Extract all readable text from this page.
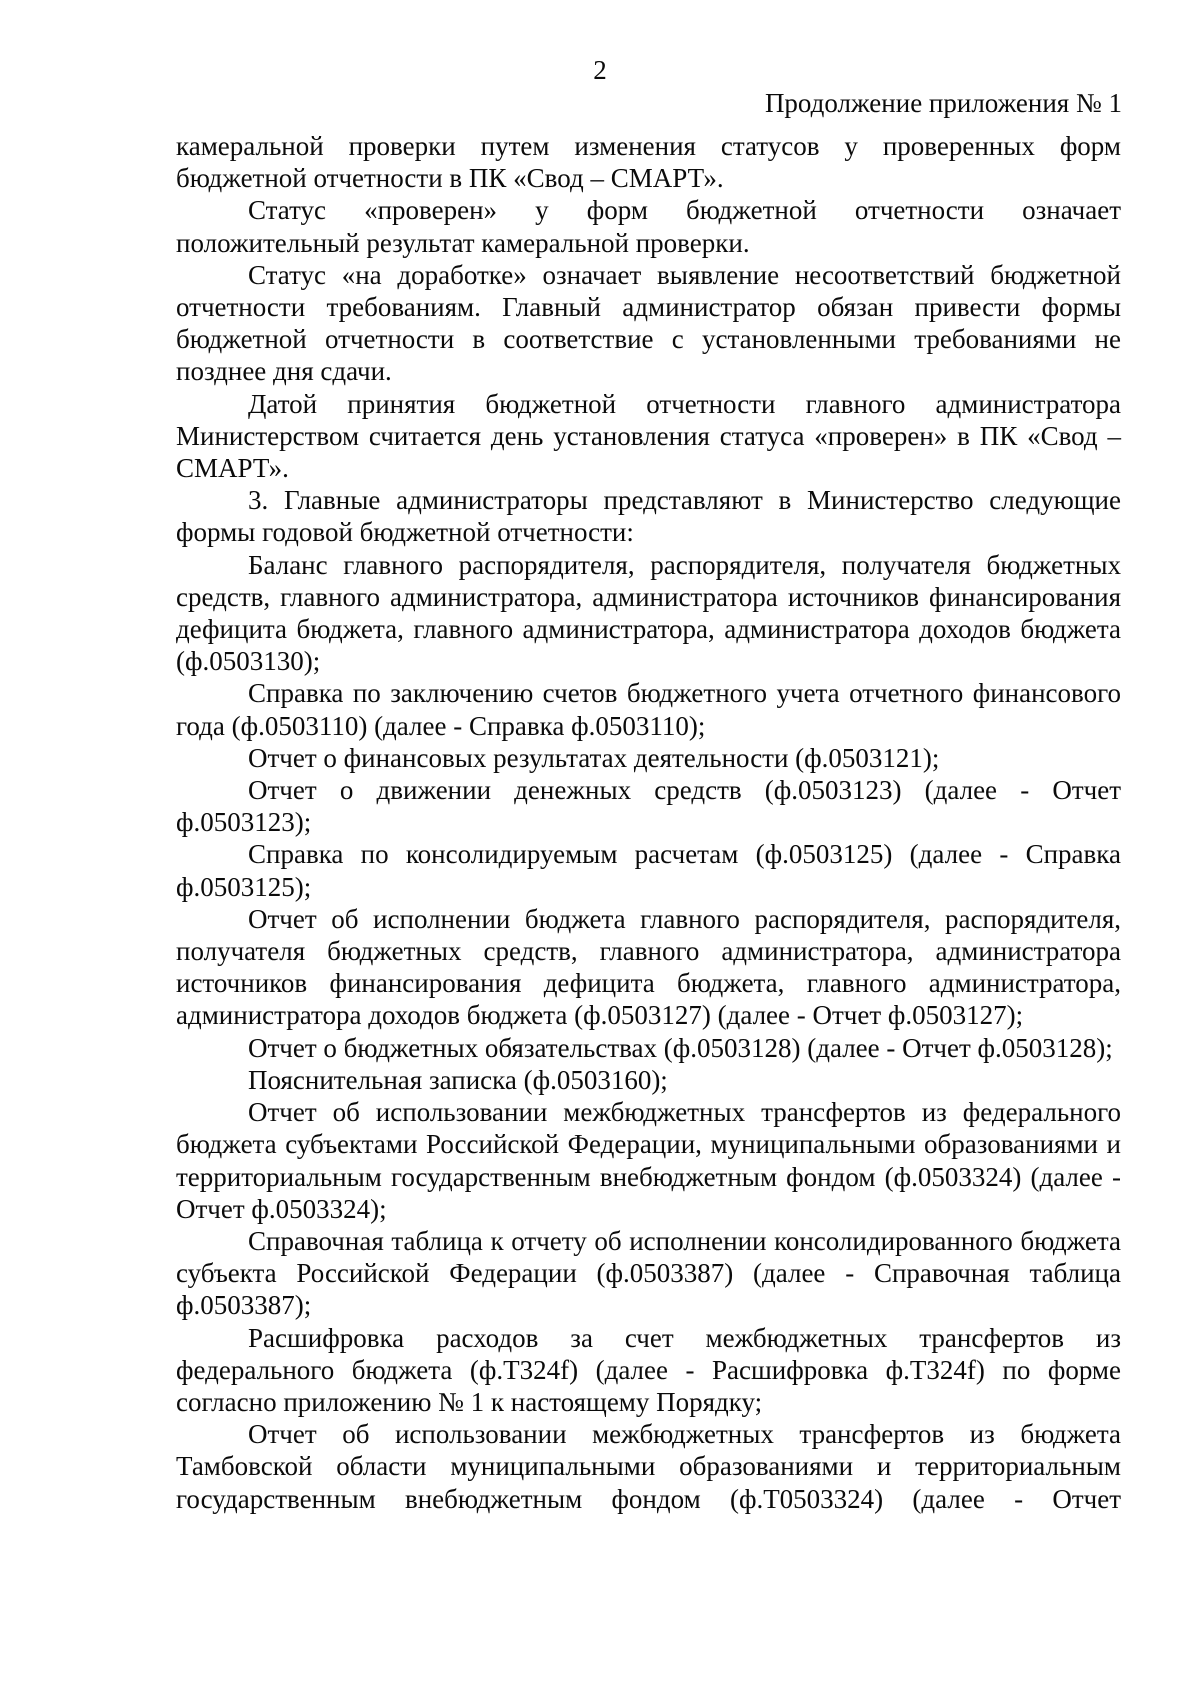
2
Продолжение приложения № 1

камеральной проверки путем изменения статусов у проверенных форм бюджетной отчетности в ПК «Свод – СМАРТ».

Статус «проверен» у форм бюджетной отчетности означает положительный результат камеральной проверки.

Статус «на доработке» означает выявление несоответствий бюджетной отчетности требованиям. Главный администратор обязан привести формы бюджетной отчетности в соответствие с установленными требованиями не позднее дня сдачи.

Датой принятия бюджетной отчетности главного администратора Министерством считается день установления статуса «проверен» в ПК «Свод – СМАРТ».

3. Главные администраторы представляют в Министерство следующие формы годовой бюджетной отчетности:

Баланс главного распорядителя, распорядителя, получателя бюджетных средств, главного администратора, администратора источников финансирования дефицита бюджета, главного администратора, администратора доходов бюджета (ф.0503130);

Справка по заключению счетов бюджетного учета отчетного финансового года (ф.0503110) (далее - Справка ф.0503110);

Отчет о финансовых результатах деятельности (ф.0503121);

Отчет о движении денежных средств (ф.0503123) (далее - Отчет ф.0503123);

Справка по консолидируемым расчетам (ф.0503125) (далее - Справка ф.0503125);

Отчет об исполнении бюджета главного распорядителя, распорядителя, получателя бюджетных средств, главного администратора, администратора источников финансирования дефицита бюджета, главного администратора, администратора доходов бюджета (ф.0503127) (далее - Отчет ф.0503127);

Отчет о бюджетных обязательствах (ф.0503128) (далее - Отчет ф.0503128);

Пояснительная записка (ф.0503160);

Отчет об использовании межбюджетных трансфертов из федерального бюджета субъектами Российской Федерации, муниципальными образованиями и территориальным государственным внебюджетным фондом (ф.0503324) (далее - Отчет ф.0503324);

Справочная таблица к отчету об исполнении консолидированного бюджета субъекта Российской Федерации (ф.0503387) (далее - Справочная таблица ф.0503387);

Расшифровка расходов за счет межбюджетных трансфертов из федерального бюджета (ф.Т324f) (далее - Расшифровка ф.Т324f) по форме согласно приложению № 1 к настоящему Порядку;

Отчет об использовании межбюджетных трансфертов из бюджета Тамбовской области муниципальными образованиями и территориальным государственным внебюджетным фондом (ф.Т0503324) (далее - Отчет
